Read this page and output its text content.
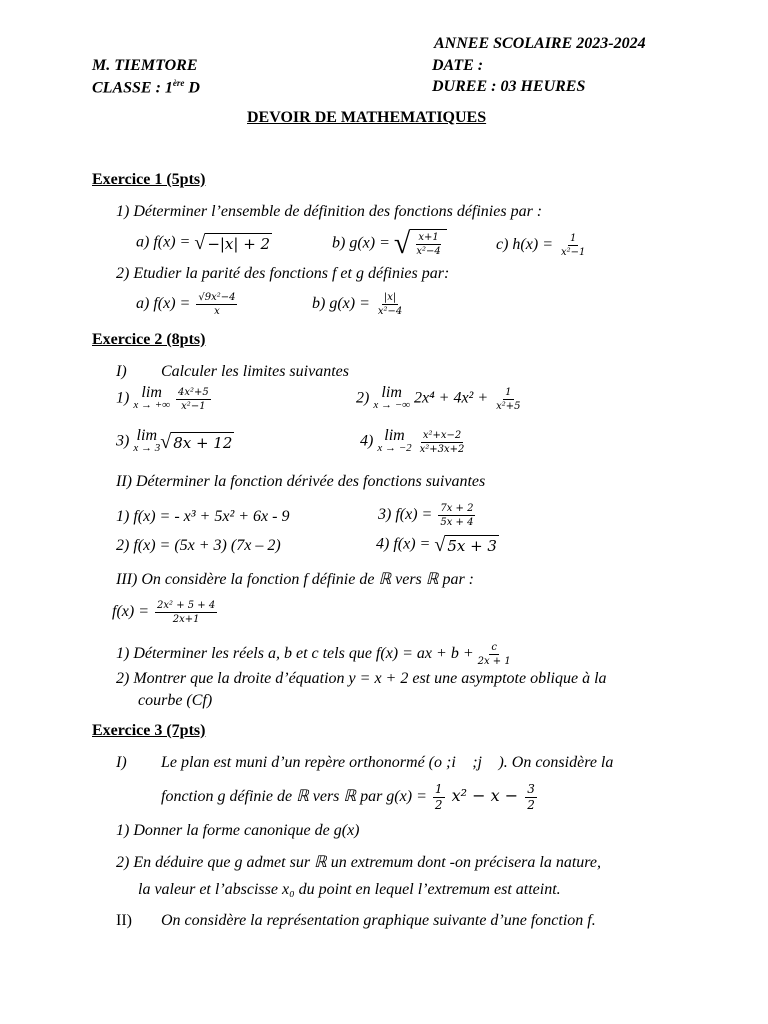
ANNEE SCOLAIRE 2023-2024
M. TIEMTORE	DATE :
CLASSE : 1ère D	DUREE : 03 HEURES
DEVOIR DE MATHEMATIQUES
Exercice 1 (5pts)
1) Déterminer l’ensemble de définition des fonctions définies par :
a) f(x) = √ −|x| + 2	b) g(x) = √ $\frac{x+1}{\text{x²−4}}$	c) $h(x) = \frac{1}{\text{x²−1}}$
2) Etudier la parité des fonctions f et g définies par:
a) $f(x) = \frac{\text{√9x²−4}}{x}$	b) $g(x) = \frac{|x|}{\text{x²−4}}$
Exercice 2 (8pts)
I) Calculer les limites suivantes
1) lim
x → +∞
$\frac{\text{4x²+5}}{\text{x²−1}}$	2) lim
x → −∞ $2x^4 + 4x^2 + \frac{1}{\text{x²+5}}$
3) lim
x → 3 √ 8x + 12	4) lim
x → −2
$\frac{\text{x²+x−2}}{\text{x²+3x+2}}$
II) Déterminer la fonction dérivée des fonctions suivantes
1) f(x) = - x³ + 5x² + 6x - 9	3) $f(x) = \frac{7x + 2}{5x + 4}$
2) f(x) = (5x + 3) (7x – 2)	4) f(x) = √ 5x + 3
III) On considère la fonction f définie de ℝ vers ℝ par :
$f(x) = \frac{\text{2x² + 5 + 4}}{2x+1}$
1) Déterminer les réels a, b et c tels que f(x) = ax + $b + \frac{c}{2x + 1}$
2) Montrer que la droite d’équation y = x + 2 est une asymptote oblique à la
courbe (Cf)
Exercice 3 (7pts)
I) Le plan est muni d’un repère orthonormé (o ;i⃗ ;j⃗ ). On considère la
fonction g définie de ℝ vers ℝ par $g(x) = \frac{1}{2} x^2 - x - \frac{3}{2}$
1) Donner la forme canonique de g(x)
2) En déduire que g admet sur ℝ un extremum dont -on précisera la nature,
la valeur et l’abscisse x₀ du point en lequel l’extremum est atteint.
II) On considère la représentation graphique suivante d’une fonction f.
